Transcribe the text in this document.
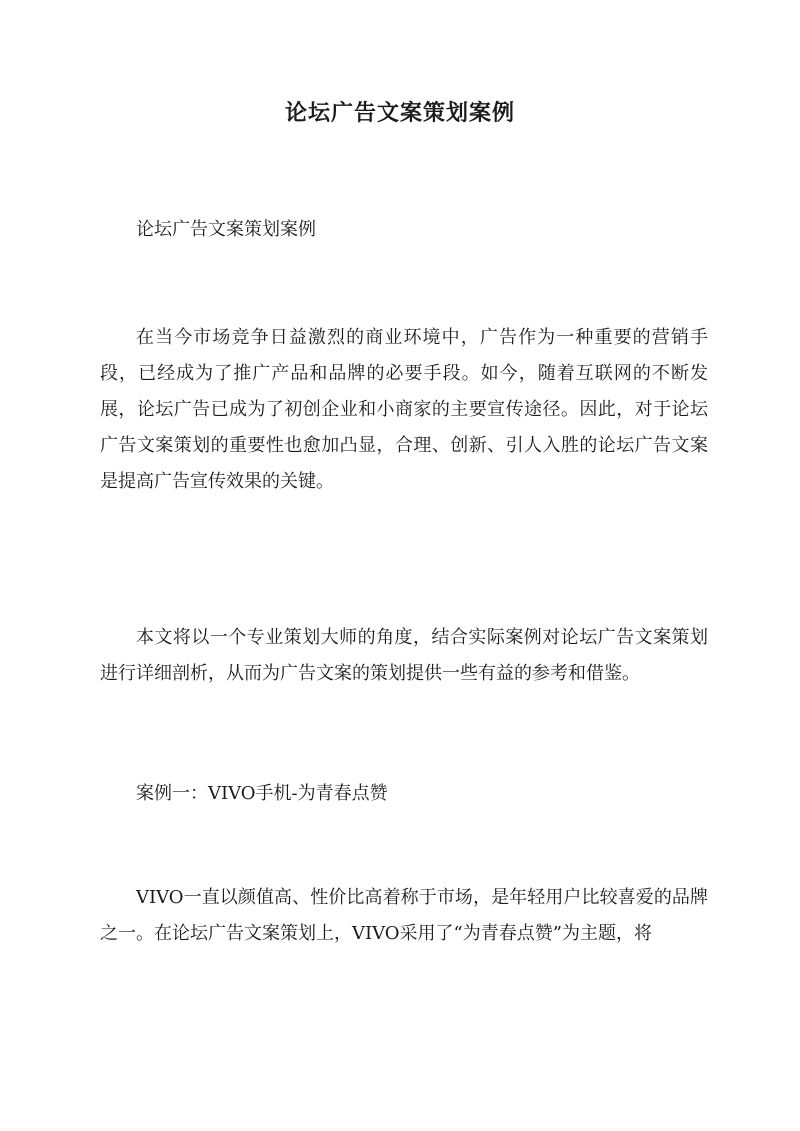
论坛广告文案策划案例

论坛广告文案策划案例

在当今市场竞争日益激烈的商业环境中，广告作为一种重要的营销手段，已经成为了推广产品和品牌的必要手段。如今，随着互联网的不断发展，论坛广告已成为了初创企业和小商家的主要宣传途径。因此，对于论坛广告文案策划的重要性也愈加凸显，合理、创新、引人入胜的论坛广告文案是提高广告宣传效果的关键。

本文将以一个专业策划大师的角度，结合实际案例对论坛广告文案策划进行详细剖析，从而为广告文案的策划提供一些有益的参考和借鉴。

案例一：VIVO手机-为青春点赞

VIVO一直以颜值高、性价比高着称于市场，是年轻用户比较喜爱的品牌之一。在论坛广告文案策划上，VIVO采用了“为青春点赞”为主题，将
